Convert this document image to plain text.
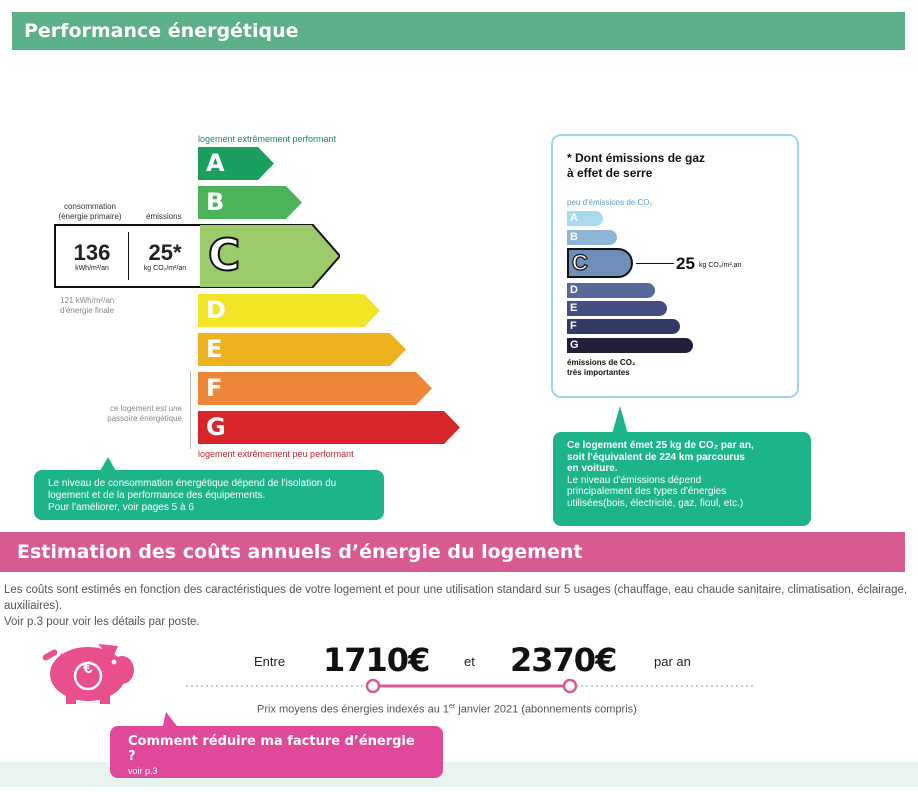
Performance énergétique
logement extrêmement performant
A
B
C
D
E
F
G
logement extrêmement peu performant
consommation
(énergie primaire)	émissions
136
kWh/m²/an
25*
kg CO₂/m²/an
121 kWh/m²/an
d'énergie finale
ce logement est une
passoire énergétique
Le niveau de consommation énergétique dépend de l'isolation du
logement et de la performance des équipements.
Pour l'améliorer, voir pages 5 à 6
* Dont émissions de gaz
à effet de serre
peu d'émissions de CO₂
A
B
C
D
E
F
G
25 kg CO₂/m².an
émissions de CO₂
très importantes
Ce logement émet 25 kg de CO₂ par an,
soit l'équivalent de 224 km parcourus
en voiture.
Le niveau d'émissions dépend
principalement des types d'énergies
utilisées(bois, électricité, gaz, fioul, etc.)
Estimation des coûts annuels d’énergie du logement
Les coûts sont estimés en fonction des caractéristiques de votre logement et pour une utilisation standard sur 5 usages (chauffage, eau chaude sanitaire, climatisation, éclairage, auxiliaires).
Voir p.3 pour voir les détails par poste.
€	Entre 1710€	et 2370€	par an
Prix moyens des énergies indexés au 1er janvier 2021 (abonnements compris)
Comment réduire ma facture d’énergie ?
voir p.3
